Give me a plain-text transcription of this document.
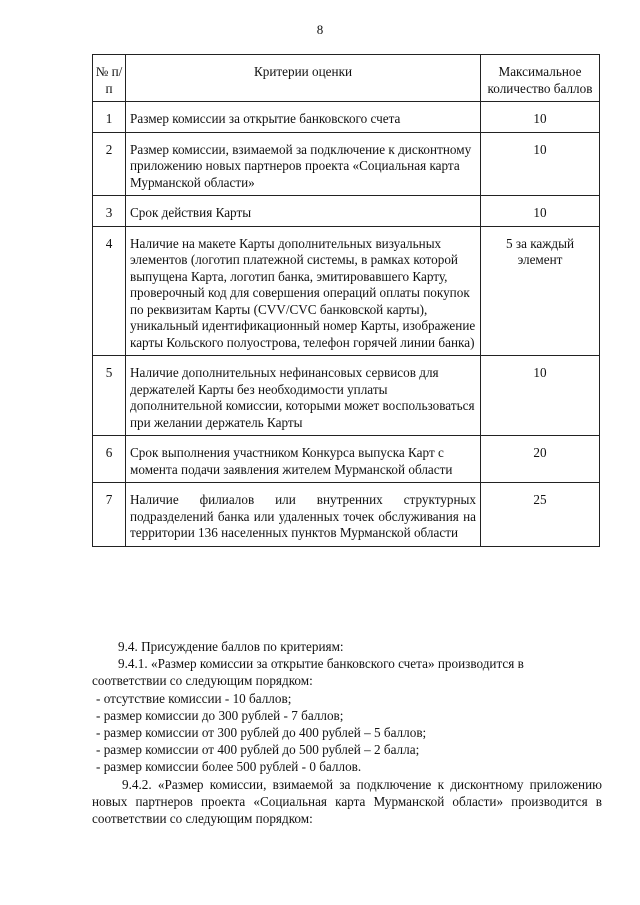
8
№ п/п	Критерии оценки	Максимальное количество баллов
1	Размер комиссии за открытие банковского счета	10
2	Размер комиссии, взимаемой за подключение к дисконтному приложению новых партнеров проекта «Социальная карта Мурманской области»	10
3	Срок действия Карты	10
4	Наличие на макете Карты дополнительных визуальных элементов (логотип платежной системы, в рамках которой выпущена Карта, логотип банка, эмитировавшего Карту, проверочный код для совершения операций оплаты покупок по реквизитам Карты (CVV/CVC банковской карты), уникальный идентификационный номер Карты, изображение карты Кольского полуострова, телефон горячей линии банка)	5 за каждый элемент
5	Наличие дополнительных нефинансовых сервисов для держателей Карты без необходимости уплаты дополнительной комиссии, которыми может воспользоваться при желании держатель Карты	10
6	Срок выполнения участником Конкурса выпуска Карт с момента подачи заявления жителем Мурманской области	20
7	Наличие филиалов или внутренних структурных подразделений банка или удаленных точек обслуживания на территории 136 населенных пунктов Мурманской области	25

9.4. Присуждение баллов по критериям:

9.4.1. «Размер комиссии за открытие банковского счета» производится в

соответствии со следующим порядком:

- отсутствие комиссии - 10 баллов;

- размер комиссии до 300 рублей - 7 баллов;

- размер комиссии от 300 рублей до 400 рублей – 5 баллов;

- размер комиссии от 400 рублей до 500 рублей – 2 балла;

- размер комиссии более 500 рублей - 0 баллов.

9.4.2. «Размер комиссии, взимаемой за подключение к дисконтному приложению новых партнеров проекта «Социальная карта Мурманской области» производится в соответствии со следующим порядком:
